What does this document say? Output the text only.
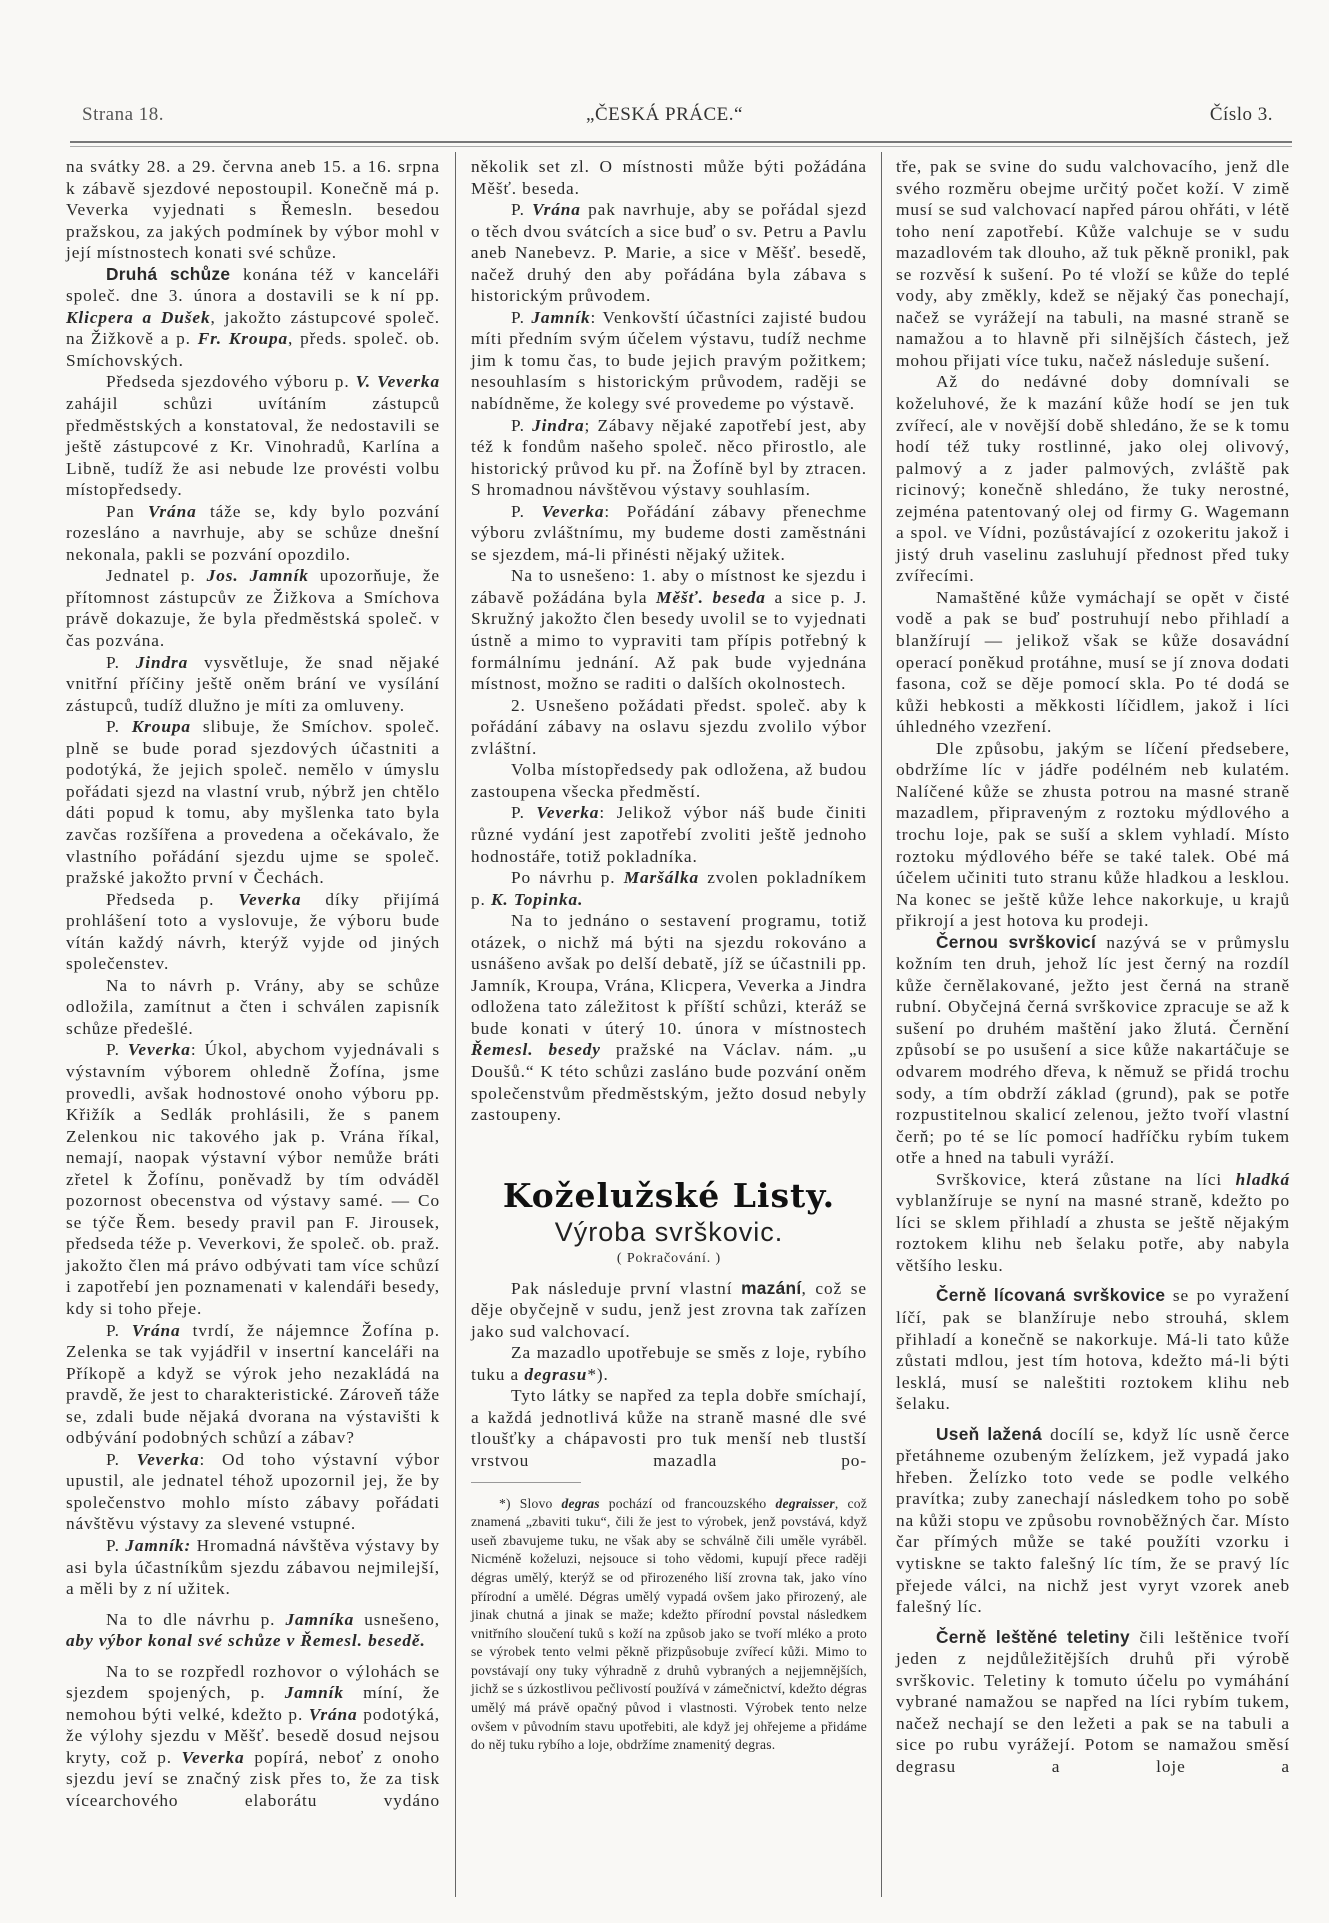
Strana 18.	„ČESKÁ PRÁCE.“	Číslo 3.

na svátky 28. a 29. června aneb 15. a 16. srpna k zábavě sjezdové nepostoupil. Konečně má p. Veverka vyjednati s Řemesln. besedou pražskou, za jakých podmínek by výbor mohl v její místnostech konati své schůze.

Druhá schůze konána též v kanceláři společ. dne 3. února a dostavili se k ní pp. Klicpera a Dušek, jakožto zástupcové společ. na Žižkově a p. Fr. Kroupa, předs. společ. ob. Smíchovských.

Předseda sjezdového výboru p. V. Veverka zahájil schůzi uvítáním zástupců předměstských a konstatoval, že nedostavili se ještě zástupcové z Kr. Vinohradů, Karlína a Libně, tudíž že asi nebude lze provésti volbu místopředsedy.

Pan Vrána táže se, kdy bylo pozvání rozesláno a navrhuje, aby se schůze dnešní nekonala, pakli se pozvání opozdilo.

Jednatel p. Jos. Jamník upozorňuje, že přítomnost zástupcův ze Žižkova a Smíchova právě dokazuje, že byla předměstská společ. v čas pozvána.

P. Jindra vysvětluje, že snad nějaké vnitřní příčiny ještě oněm brání ve vysílání zástupců, tudíž dlužno je míti za omluveny.

P. Kroupa slibuje, že Smíchov. společ. plně se bude porad sjezdových účastniti a podotýká, že jejich společ. nemělo v úmyslu pořádati sjezd na vlastní vrub, nýbrž jen chtělo dáti popud k tomu, aby myšlenka tato byla zavčas rozšířena a provedena a očekávalo, že vlastního pořádání sjezdu ujme se společ. pražské jakožto první v Čechách.

Předseda p. Veverka díky přijímá prohlášení toto a vyslovuje, že výboru bude vítán každý návrh, kterýž vyjde od jiných společenstev.

Na to návrh p. Vrány, aby se schůze odložila, zamítnut a čten i schválen zapisník schůze předešlé.

P. Veverka: Úkol, abychom vyjednávali s výstavním výborem ohledně Žofína, jsme provedli, avšak hodnostové onoho výboru pp. Křižík a Sedlák prohlásili, že s panem Zelenkou nic takového jak p. Vrána říkal, nemají, naopak výstavní výbor nemůže bráti zřetel k Žofínu, poněvadž by tím odváděl pozornost obecenstva od výstavy samé. — Co se týče Řem. besedy pravil pan F. Jirousek, předseda téže p. Veverkovi, že společ. ob. praž. jakožto člen má právo odbývati tam více schůzí i zapotřebí jen poznamenati v kalendáři besedy, kdy si toho přeje.

P. Vrána tvrdí, že nájemnce Žofína p. Zelenka se tak vyjádřil v insertní kanceláři na Příkopě a když se výrok jeho nezakládá na pravdě, že jest to charakteristické. Zároveň táže se, zdali bude nějaká dvorana na výstavišti k odbývání podobných schůzí a zábav?

P. Veverka: Od toho výstavní výbor upustil, ale jednatel téhož upozornil jej, že by společenstvo mohlo místo zábavy pořádati návštěvu výstavy za slevené vstupné.

P. Jamník: Hromadná návštěva výstavy by asi byla účastníkům sjezdu zábavou nejmilejší, a měli by z ní užitek.

Na to dle návrhu p. Jamníka usnešeno, aby výbor konal své schůze v Řemesl. besedě.

Na to se rozpředl rozhovor o výlohách se sjezdem spojených, p. Jamník míní, že nemohou býti velké, kdežto p. Vrána podotýká, že výlohy sjezdu v Měšť. besedě dosud nejsou kryty, což p. Veverka popírá, neboť z onoho sjezdu jeví se značný zisk přes to, že za tisk vícearchového elaborátu vydáno

několik set zl. O místnosti může býti požádána Měšť. beseda.

P. Vrána pak navrhuje, aby se pořádal sjezd o těch dvou svátcích a sice buď o sv. Petru a Pavlu aneb Nanebevz. P. Marie, a sice v Měšť. besedě, načež druhý den aby pořádána byla zábava s historickým průvodem.

P. Jamník: Venkovští účastníci zajisté budou míti předním svým účelem výstavu, tudíž nechme jim k tomu čas, to bude jejich pravým požitkem; nesouhlasím s historickým průvodem, raději se nabídněme, že kolegy své provedeme po výstavě.

P. Jindra; Zábavy nějaké zapotřebí jest, aby též k fondům našeho společ. něco přirostlo, ale historický průvod ku př. na Žofíně byl by ztracen. S hromadnou návštěvou výstavy souhlasím.

P. Veverka: Pořádání zábavy přenechme výboru zvláštnímu, my budeme dosti zaměstnáni se sjezdem, má-li přinésti nějaký užitek.

Na to usnešeno: 1. aby o místnost ke sjezdu i zábavě požádána byla Měšť. beseda a sice p. J. Skružný jakožto člen besedy uvolil se to vyjednati ústně a mimo to vypraviti tam přípis potřebný k formálnímu jednání. Až pak bude vyjednána místnost, možno se raditi o dalších okolnostech.

2. Usnešeno požádati předst. společ. aby k pořádání zábavy na oslavu sjezdu zvolilo výbor zvláštní.

Volba místopředsedy pak odložena, až budou zastoupena všecka předměstí.

P. Veverka: Jelikož výbor náš bude činiti různé vydání jest zapotřebí zvoliti ještě jednoho hodnostáře, totiž pokladníka.

Po návrhu p. Maršálka zvolen pokladníkem p. K. Topinka.

Na to jednáno o sestavení programu, totiž otázek, o nichž má býti na sjezdu rokováno a usnášeno avšak po delší debatě, jíž se účastnili pp. Jamník, Kroupa, Vrána, Klicpera, Veverka a Jindra odložena tato záležitost k příští schůzi, kteráž se bude konati v úterý 10. února v místnostech Řemesl. besedy pražské na Václav. nám. „u Doušů.“ K této schůzi zasláno bude pozvání oněm společenstvům předměstským, ježto dosud nebyly zastoupeny.

Koželužské Listy.

Výroba svrškovic.

( Pokračování. )

Pak následuje první vlastní mazání, což se děje obyčejně v sudu, jenž jest zrovna tak zařízen jako sud valchovací.

Za mazadlo upotřebuje se směs z loje, rybího tuku a degrasu*).

Tyto látky se napřed za tepla dobře smíchají, a každá jednotlivá kůže na straně masné dle své tloušťky a chápavosti pro tuk menší neb tlustší vrstvou mazadla po-

*) Slovo degras pochází od francouzského degraisser, což znamená „zbaviti tuku“, čili že jest to výrobek, jenž povstává, když useň zbavujeme tuku, ne však aby se schválně čili uměle vyráběl. Nicméně koželuzi, nejsouce si toho vědomi, kupují přece raději dégras umělý, kterýž se od přirozeného liší zrovna tak, jako víno přírodní a umělé. Dégras umělý vypadá ovšem jako přirozený, ale jinak chutná a jinak se maže; kdežto přírodní povstal následkem vnitřního sloučení tuků s koží na způsob jako se tvoří mléko a proto se výrobek tento velmi pěkně přizpůsobuje zvířecí kůži. Mimo to povstávají ony tuky výhradně z druhů vybraných a nejjemnějších, jichž se s úzkostlivou pečlivostí používá v zámečnictví, kdežto dégras umělý má právě opačný původ i vlastnosti. Výrobek tento nelze ovšem v původním stavu upotřebiti, ale když jej ohřejeme a přidáme do něj tuku rybího a loje, obdržíme znamenitý degras.

tře, pak se svine do sudu valchovacího, jenž dle svého rozměru obejme určitý počet koží. V zimě musí se sud valchovací napřed párou ohřáti, v létě toho není zapotřebí. Kůže valchuje se v sudu mazadlovém tak dlouho, až tuk pěkně pronikl, pak se rozvěsí k sušení. Po té vloží se kůže do teplé vody, aby změkly, kdež se nějaký čas ponechají, načež se vyrážejí na tabuli, na masné straně se namažou a to hlavně při silnějších částech, jež mohou přijati více tuku, načež následuje sušení.

Až do nedávné doby domnívali se koželuhové, že k mazání kůže hodí se jen tuk zvířecí, ale v novější době shledáno, že se k tomu hodí též tuky rostlinné, jako olej olivový, palmový a z jader palmových, zvláště pak ricinový; konečně shledáno, že tuky nerostné, zejména patentovaný olej od firmy G. Wagemann a spol. ve Vídni, pozůstávající z ozokeritu jakož i jistý druh vaselinu zasluhují přednost před tuky zvířecími.

Namaštěné kůže vymáchají se opět v čisté vodě a pak se buď postruhují nebo přihladí a blanžírují — jelikož však se kůže dosavádní operací poněkud protáhne, musí se jí znova dodati fasona, což se děje pomocí skla. Po té dodá se kůži hebkosti a měkkosti líčidlem, jakož i líci úhledného vzezření.

Dle způsobu, jakým se líčení předsebere, obdržíme líc v jádře podélném neb kulatém. Nalíčené kůže se zhusta potrou na masné straně mazadlem, připraveným z roztoku mýdlového a trochu loje, pak se suší a sklem vyhladí. Místo roztoku mýdlového béře se také talek. Obé má účelem učiniti tuto stranu kůže hladkou a lesklou. Na konec se ještě kůže lehce nakorkuje, u krajů přikrojí a jest hotova ku prodeji.

Černou svrškovicí nazývá se v průmyslu kožním ten druh, jehož líc jest černý na rozdíl kůže černělakované, ježto jest černá na straně rubní. Obyčejná černá svrškovice zpracuje se až k sušení po druhém maštění jako žlutá. Černění způsobí se po usušení a sice kůže nakartáčuje se odvarem modrého dřeva, k němuž se přidá trochu sody, a tím obdrží základ (grund), pak se potře rozpustitelnou skalicí zelenou, ježto tvoří vlastní čerň; po té se líc pomocí hadříčku rybím tukem otře a hned na tabuli vyráží.

Svrškovice, která zůstane na líci hladká vyblanžíruje se nyní na masné straně, kdežto po líci se sklem přihladí a zhusta se ještě nějakým roztokem klihu neb šelaku potře, aby nabyla většího lesku.

Černě lícovaná svrškovice se po vyražení líčí, pak se blanžíruje nebo strouhá, sklem přihladí a konečně se nakorkuje. Má-li tato kůže zůstati mdlou, jest tím hotova, kdežto má-li býti lesklá, musí se naleštiti roztokem klihu neb šelaku.

Useň lažená docílí se, když líc usně čerce přetáhneme ozubeným želízkem, jež vypadá jako hřeben. Želízko toto vede se podle velkého pravítka; zuby zanechají následkem toho po sobě na kůži stopu ve způsobu rovnoběžných čar. Místo čar přímých může se také použíti vzorku i vytiskne se takto falešný líc tím, že se pravý líc přejede válci, na nichž jest vyryt vzorek aneb falešný líc.

Černě leštěné teletiny čili leštěnice tvoří jeden z nejdůležitějších druhů při výrobě svrškovic. Teletiny k tomuto účelu po vymáhání vybrané namažou se napřed na líci rybím tukem, načež nechají se den ležeti a pak se na tabuli a sice po rubu vyrážejí. Potom se namažou směsí degrasu a loje a
